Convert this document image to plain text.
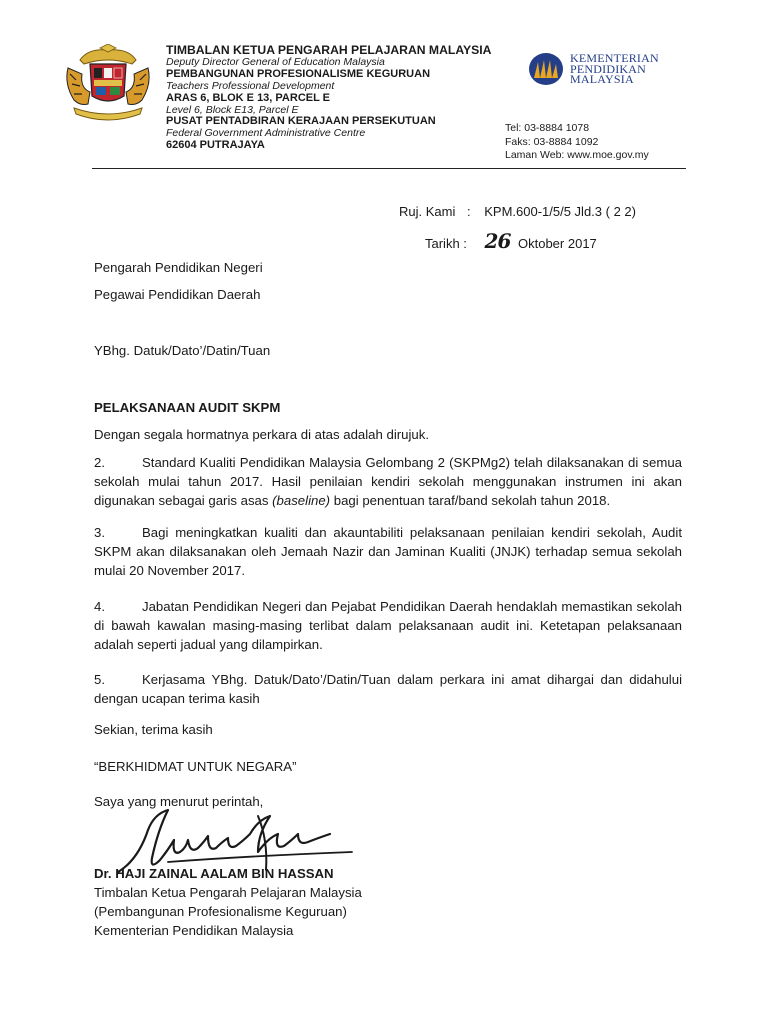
TIMBALAN KETUA PENGARAH PELAJARAN MALAYSIA
Deputy Director General of Education Malaysia
PEMBANGUNAN PROFESIONALISME KEGURUAN
Teachers Professional Development
ARAS 6, BLOK E 13, PARCEL E
Level 6, Block E13, Parcel E
PUSAT PENTADBIRAN KERAJAAN PERSEKUTUAN
Federal Government Administrative Centre
62604 PUTRAJAYA
KEMENTERIAN
PENDIDIKAN
MALAYSIA
Tel: 03-8884 1078
Faks: 03-8884 1092
Laman Web: www.moe.gov.my
Ruj. Kami : KPM.600-1/5/5 Jld.3 ( 2 2)
Tarikh : 26 Oktober 2017
Pengarah Pendidikan Negeri
Pegawai Pendidikan Daerah
YBhg. Datuk/Dato’/Datin/Tuan
PELAKSANAAN AUDIT SKPM
Dengan segala hormatnya perkara di atas adalah dirujuk.
2.	Standard Kualiti Pendidikan Malaysia Gelombang 2 (SKPMg2) telah dilaksanakan di semua sekolah mulai tahun 2017. Hasil penilaian kendiri sekolah menggunakan instrumen ini akan digunakan sebagai garis asas (baseline) bagi penentuan taraf/band sekolah tahun 2018.
3.	Bagi meningkatkan kualiti dan akauntabiliti pelaksanaan penilaian kendiri sekolah, Audit SKPM akan dilaksanakan oleh Jemaah Nazir dan Jaminan Kualiti (JNJK) terhadap semua sekolah mulai 20 November 2017.
4.	Jabatan Pendidikan Negeri dan Pejabat Pendidikan Daerah hendaklah memastikan sekolah di bawah kawalan masing-masing terlibat dalam pelaksanaan audit ini. Ketetapan pelaksanaan adalah seperti jadual yang dilampirkan.
5.	Kerjasama YBhg. Datuk/Dato’/Datin/Tuan dalam perkara ini amat dihargai dan didahului dengan ucapan terima kasih
Sekian, terima kasih
“BERKHIDMAT UNTUK NEGARA”
Saya yang menurut perintah,
Dr. HAJI ZAINAL AALAM BIN HASSAN
Timbalan Ketua Pengarah Pelajaran Malaysia
(Pembangunan Profesionalisme Keguruan)
Kementerian Pendidikan Malaysia
